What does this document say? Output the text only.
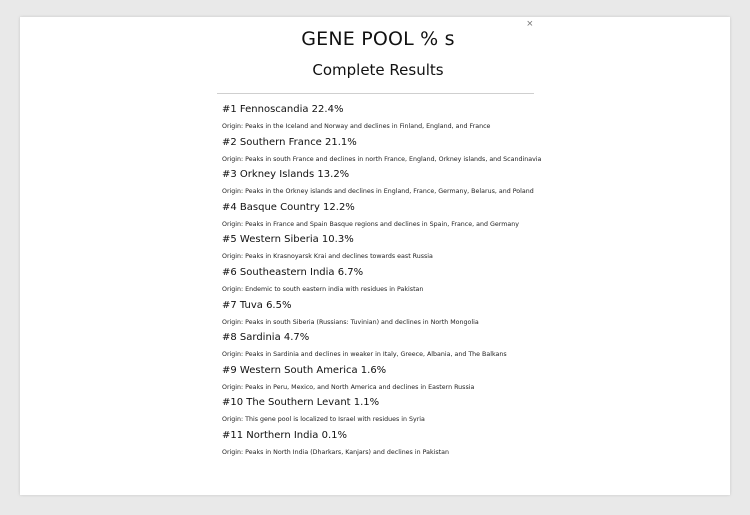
×
GENE POOL % s
Complete Results
#1 Fennoscandia 22.4%
Origin: Peaks in the Iceland and Norway and declines in Finland, England, and France
#2 Southern France 21.1%
Origin: Peaks in south France and declines in north France, England, Orkney islands, and Scandinavia
#3 Orkney Islands 13.2%
Origin: Peaks in the Orkney islands and declines in England, France, Germany, Belarus, and Poland
#4 Basque Country 12.2%
Origin: Peaks in France and Spain Basque regions and declines in Spain, France, and Germany
#5 Western Siberia 10.3%
Origin: Peaks in Krasnoyarsk Krai and declines towards east Russia
#6 Southeastern India 6.7%
Origin: Endemic to south eastern india with residues in Pakistan
#7 Tuva 6.5%
Origin: Peaks in south Siberia (Russians: Tuvinian) and declines in North Mongolia
#8 Sardinia 4.7%
Origin: Peaks in Sardinia and declines in weaker in Italy, Greece, Albania, and The Balkans
#9 Western South America 1.6%
Origin: Peaks in Peru, Mexico, and North America and declines in Eastern Russia
#10 The Southern Levant 1.1%
Origin: This gene pool is localized to Israel with residues in Syria
#11 Northern India 0.1%
Origin: Peaks in North India (Dharkars, Kanjars) and declines in Pakistan
